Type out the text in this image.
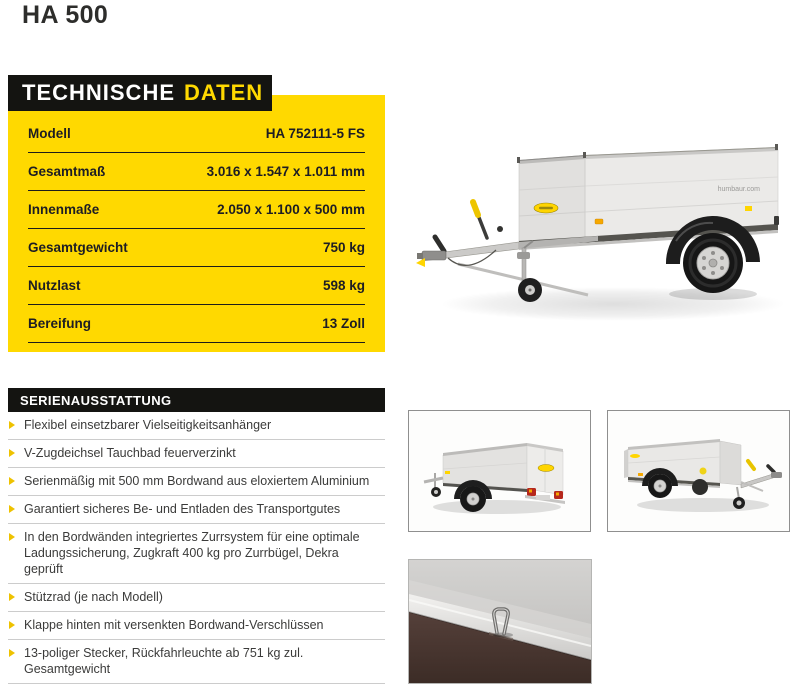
HA 500
TECHNISCHE DATEN
Modell	HA 752111-5 FS
Gesamtmaß	3.016 x 1.547 x 1.011 mm
Innenmaße	2.050 x 1.100 x 500 mm
Gesamtgewicht	750 kg
Nutzlast	598 kg
Bereifung	13 Zoll
SERIENAUSSTATTUNG
Flexibel einsetzbarer Vielseitigkeitsanhänger
V-Zugdeichsel Tauchbad feuerverzinkt
Serienmäßig mit 500 mm Bordwand aus eloxiertem Aluminium
Garantiert sicheres Be- und Entladen des Transportgutes
In den Bordwänden integriertes Zurrsystem für eine optimale Ladungssicherung, Zugkraft 400 kg pro Zurrbügel, Dekra geprüft
Stützrad (je nach Modell)
Klappe hinten mit versenkten Bordwand-Verschlüssen
13-poliger Stecker, Rückfahrleuchte ab 751 kg zul. Gesamtgewicht
humbaur.com
